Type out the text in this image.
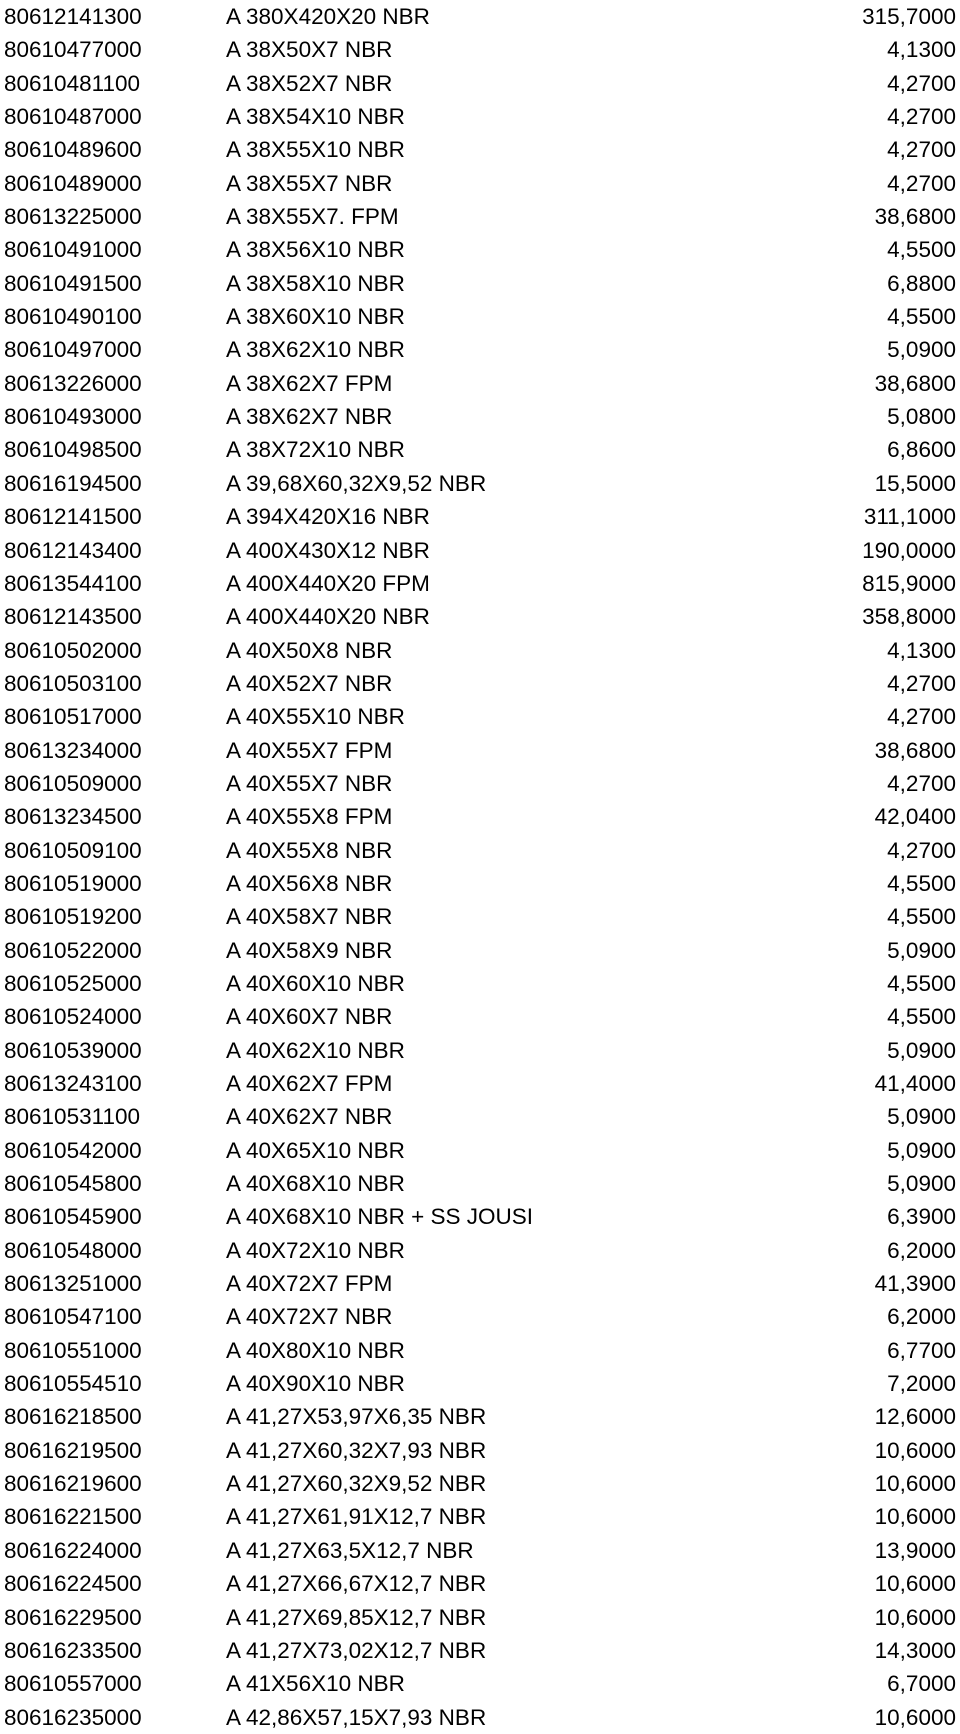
80612141300	A 380X420X20 NBR	315,7000
80610477000	A 38X50X7 NBR	4,1300
80610481100	A 38X52X7 NBR	4,2700
80610487000	A 38X54X10 NBR	4,2700
80610489600	A 38X55X10 NBR	4,2700
80610489000	A 38X55X7 NBR	4,2700
80613225000	A 38X55X7. FPM	38,6800
80610491000	A 38X56X10 NBR	4,5500
80610491500	A 38X58X10 NBR	6,8800
80610490100	A 38X60X10 NBR	4,5500
80610497000	A 38X62X10 NBR	5,0900
80613226000	A 38X62X7 FPM	38,6800
80610493000	A 38X62X7 NBR	5,0800
80610498500	A 38X72X10 NBR	6,8600
80616194500	A 39,68X60,32X9,52 NBR	15,5000
80612141500	A 394X420X16 NBR	311,1000
80612143400	A 400X430X12 NBR	190,0000
80613544100	A 400X440X20 FPM	815,9000
80612143500	A 400X440X20 NBR	358,8000
80610502000	A 40X50X8 NBR	4,1300
80610503100	A 40X52X7 NBR	4,2700
80610517000	A 40X55X10 NBR	4,2700
80613234000	A 40X55X7 FPM	38,6800
80610509000	A 40X55X7 NBR	4,2700
80613234500	A 40X55X8 FPM	42,0400
80610509100	A 40X55X8 NBR	4,2700
80610519000	A 40X56X8 NBR	4,5500
80610519200	A 40X58X7 NBR	4,5500
80610522000	A 40X58X9 NBR	5,0900
80610525000	A 40X60X10 NBR	4,5500
80610524000	A 40X60X7 NBR	4,5500
80610539000	A 40X62X10 NBR	5,0900
80613243100	A 40X62X7 FPM	41,4000
80610531100	A 40X62X7 NBR	5,0900
80610542000	A 40X65X10 NBR	5,0900
80610545800	A 40X68X10 NBR	5,0900
80610545900	A 40X68X10 NBR + SS JOUSI	6,3900
80610548000	A 40X72X10 NBR	6,2000
80613251000	A 40X72X7 FPM	41,3900
80610547100	A 40X72X7 NBR	6,2000
80610551000	A 40X80X10 NBR	6,7700
80610554510	A 40X90X10 NBR	7,2000
80616218500	A 41,27X53,97X6,35 NBR	12,6000
80616219500	A 41,27X60,32X7,93 NBR	10,6000
80616219600	A 41,27X60,32X9,52 NBR	10,6000
80616221500	A 41,27X61,91X12,7 NBR	10,6000
80616224000	A 41,27X63,5X12,7 NBR	13,9000
80616224500	A 41,27X66,67X12,7 NBR	10,6000
80616229500	A 41,27X69,85X12,7 NBR	10,6000
80616233500	A 41,27X73,02X12,7 NBR	14,3000
80610557000	A 41X56X10 NBR	6,7000
80616235000	A 42,86X57,15X7,93 NBR	10,6000
